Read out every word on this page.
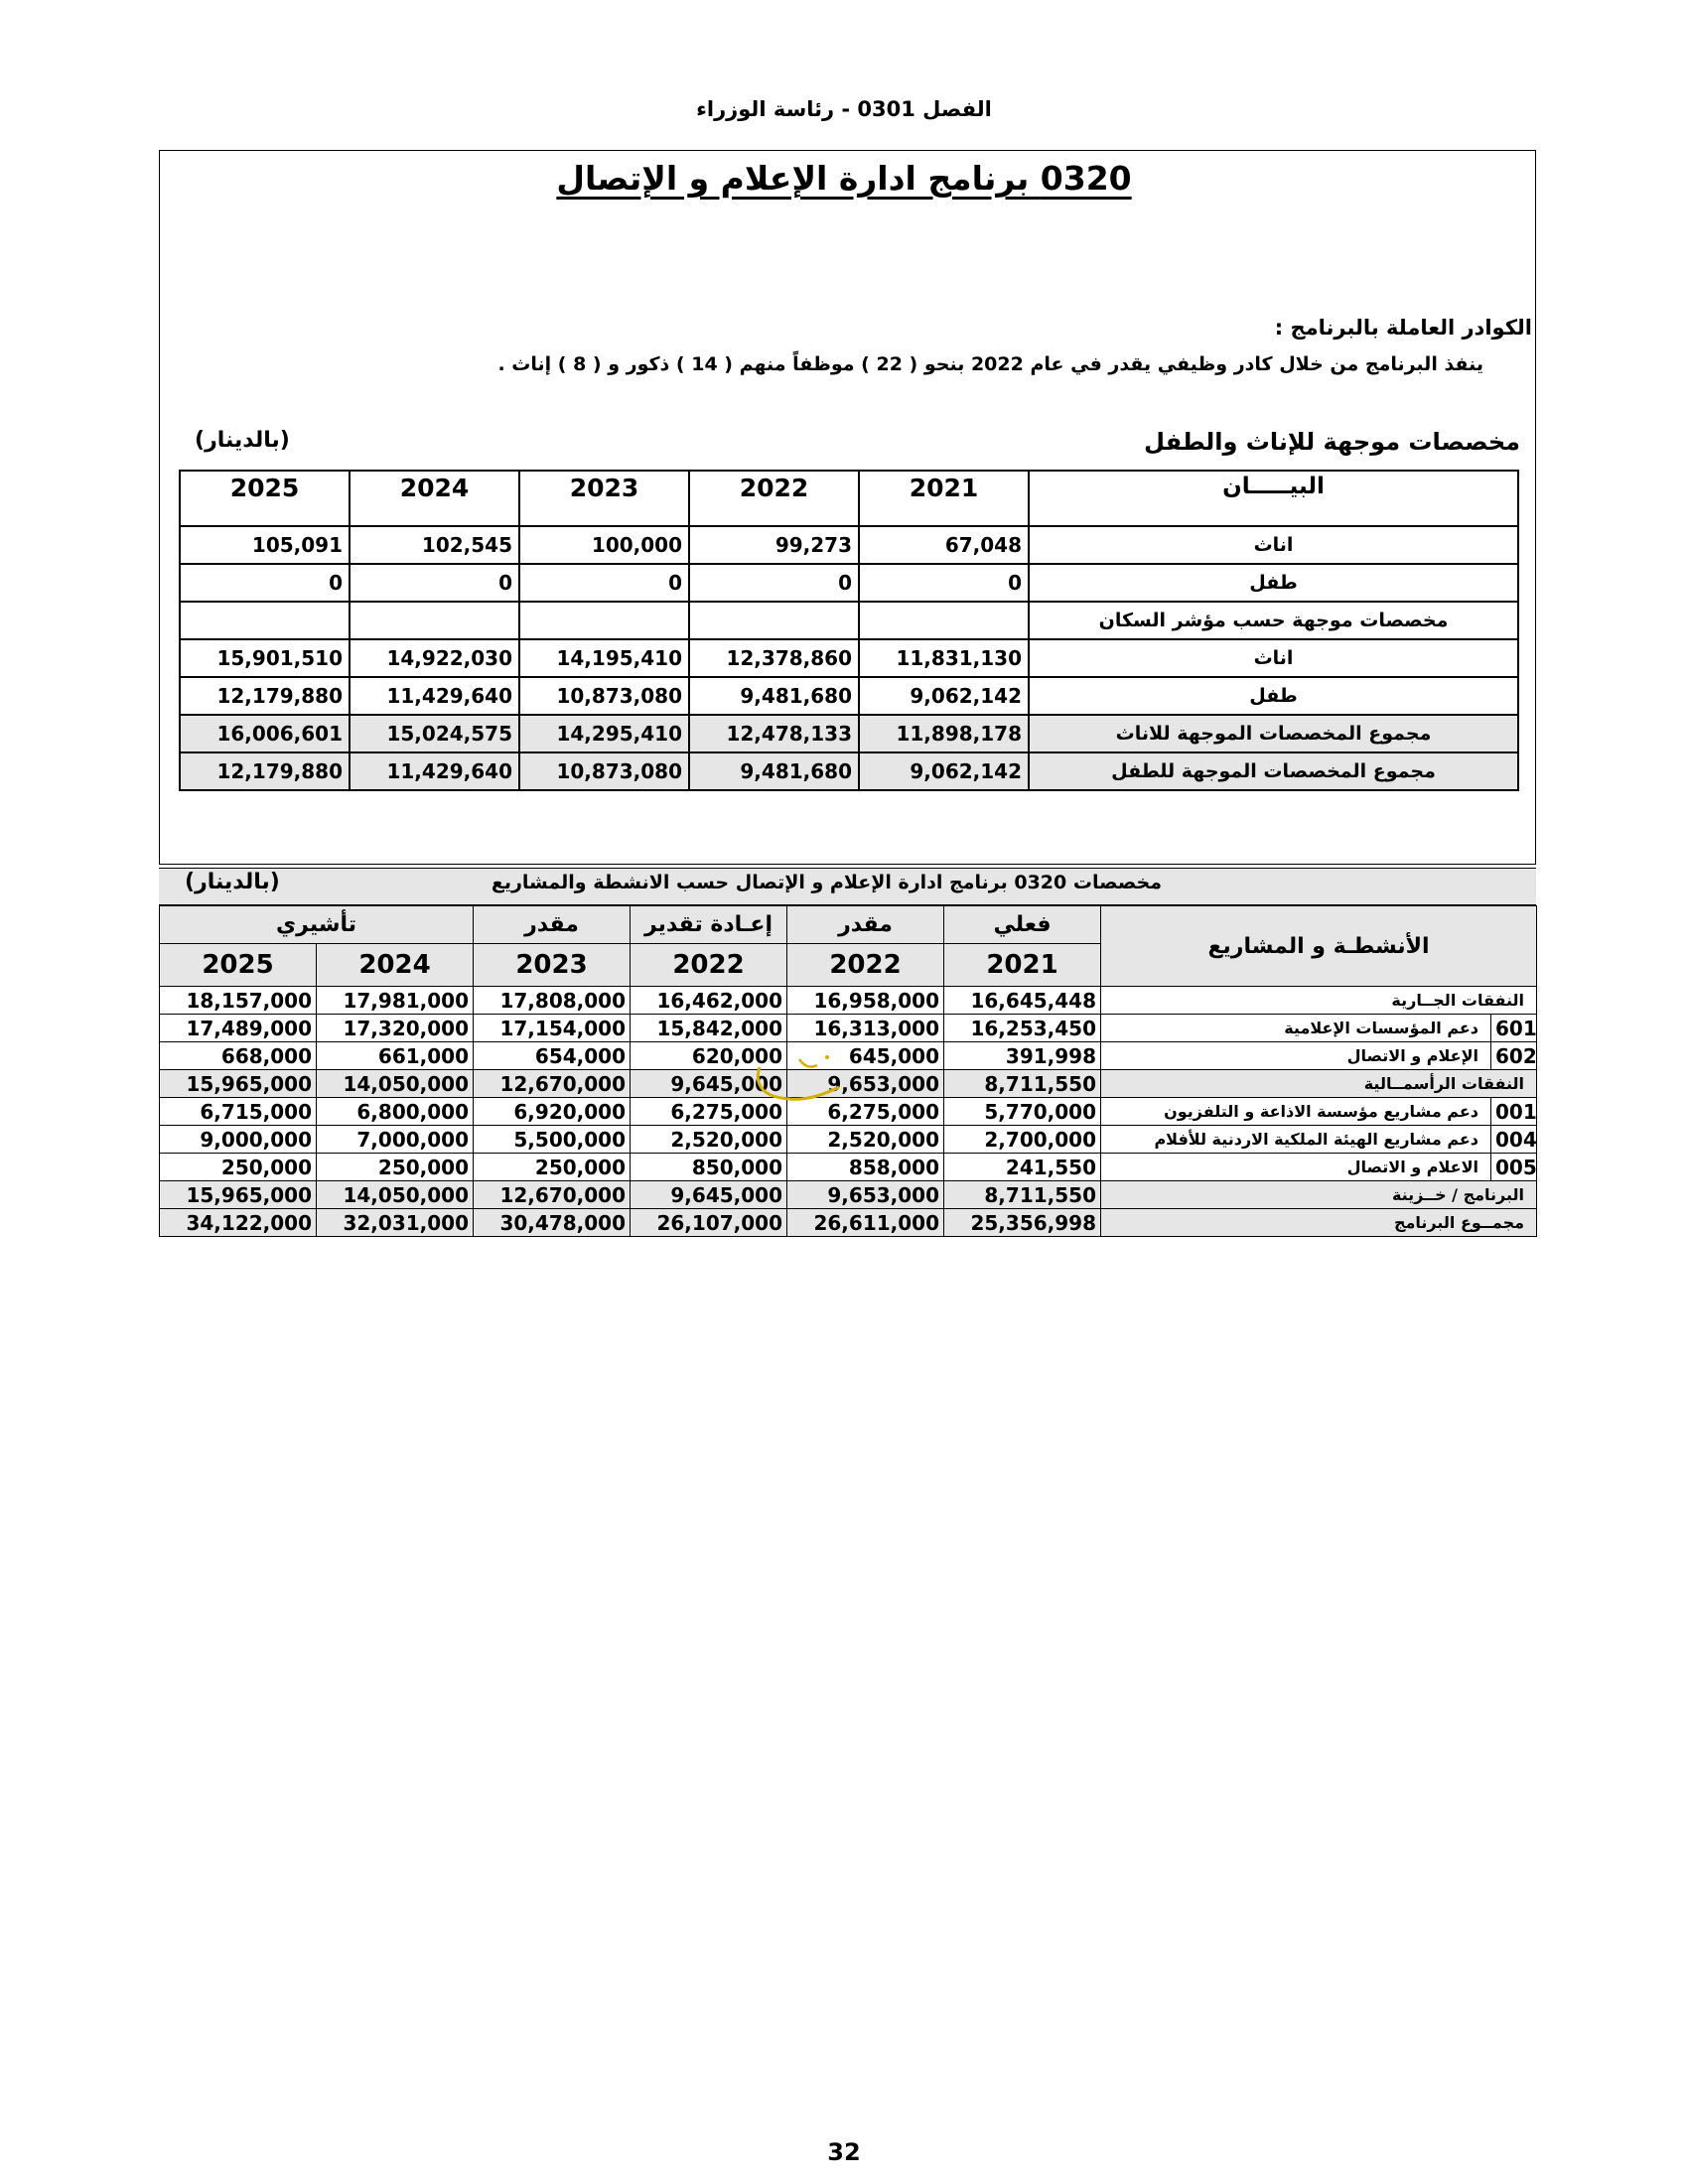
الفصل 0301 - رئاسة الوزراء
0320 برنامج ادارة الإعلام و الإتصال
الكوادر العاملة بالبرنامج :
ينفذ البرنامج من خلال كادر وظيفي يقدر في عام 2022 بنحو ( 22 ) موظفاً منهم ( 14 ) ذكور و ( 8 ) إناث .
مخصصات موجهة للإناث والطفل
(بالدينار)
2025	2024	2023	2022	2021	البيـــــان
105,091	102,545	100,000	99,273	67,048	اناث
0	0	0	0	0	طفل
					مخصصات موجهة حسب مؤشر السكان
15,901,510	14,922,030	14,195,410	12,378,860	11,831,130	اناث
12,179,880	11,429,640	10,873,080	9,481,680	9,062,142	طفل
16,006,601	15,024,575	14,295,410	12,478,133	11,898,178	مجموع المخصصات الموجهة للاناث
12,179,880	11,429,640	10,873,080	9,481,680	9,062,142	مجموع المخصصات الموجهة للطفل
مخصصات 0320 برنامج ادارة الإعلام و الإتصال حسب الانشطة والمشاريع
(بالدينار)
تأشيري		مقدر	إعـادة تقدير	مقدر	فعلي	الأنشطـة و المشاريع	
2025	2024	2023	2022	2022	2021		
18,157,000	17,981,000	17,808,000	16,462,000	16,958,000	16,645,448	النفقات الجــارية	
17,489,000	17,320,000	17,154,000	15,842,000	16,313,000	16,253,450	دعم المؤسسات الإعلامية	601
668,000	661,000	654,000	620,000	645,000	391,998	الإعلام و الاتصال	602
15,965,000	14,050,000	12,670,000	9,645,000	9,653,000	8,711,550	النفقات الرأسمــالية	
6,715,000	6,800,000	6,920,000	6,275,000	6,275,000	5,770,000	دعم مشاريع مؤسسة الاذاعة و التلفزيون	001
9,000,000	7,000,000	5,500,000	2,520,000	2,520,000	2,700,000	دعم مشاريع الهيئة الملكية الاردنية للأفلام	004
250,000	250,000	250,000	850,000	858,000	241,550	الاعلام و الاتصال	005
15,965,000	14,050,000	12,670,000	9,645,000	9,653,000	8,711,550	البرنامج / خــزينة	
34,122,000	32,031,000	30,478,000	26,107,000	26,611,000	25,356,998	مجمــوع البرنامج	
32
